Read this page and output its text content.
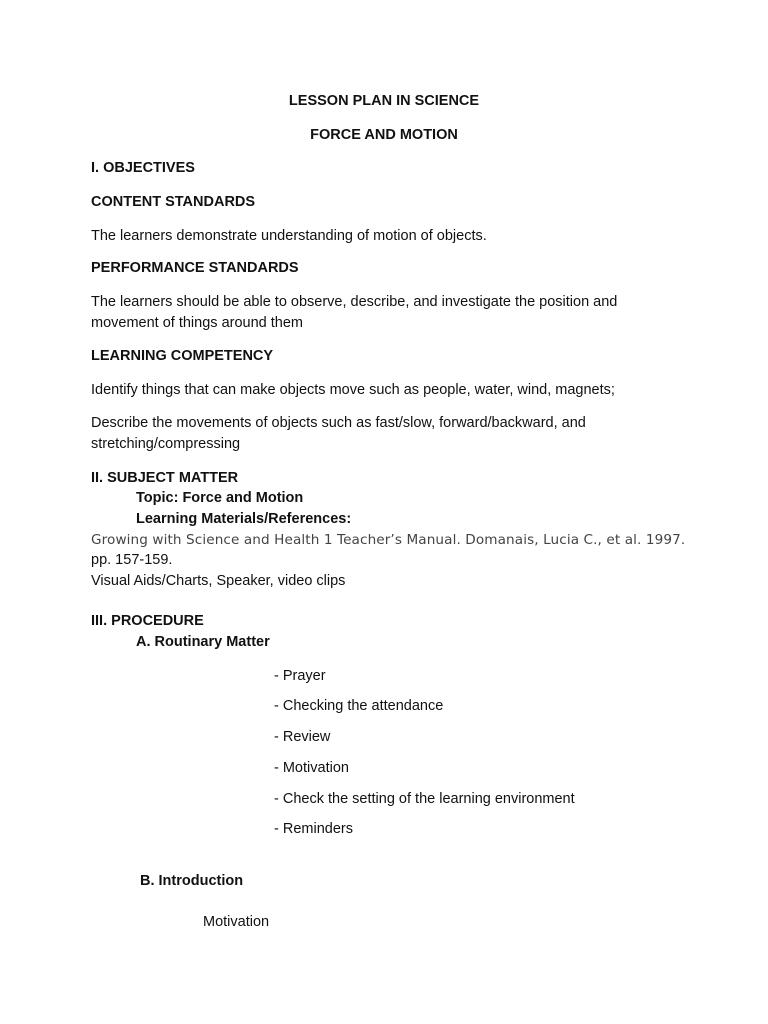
LESSON PLAN IN SCIENCE
FORCE AND MOTION
I. OBJECTIVES
CONTENT STANDARDS
The learners demonstrate understanding of motion of objects.
PERFORMANCE STANDARDS
The learners should be able to observe, describe, and investigate the position and
movement of things around them
LEARNING COMPETENCY
Identify things that can make objects move such as people, water, wind, magnets;
Describe the movements of objects such as fast/slow, forward/backward, and
stretching/compressing
II. SUBJECT MATTER
Topic: Force and Motion
Learning Materials/References:
Growing with Science and Health 1 Teacher’s Manual. Domanais, Lucia C., et al. 1997.
pp. 157-159.
Visual Aids/Charts, Speaker, video clips
III. PROCEDURE
A. Routinary Matter
- Prayer
- Checking the attendance
- Review
- Motivation
- Check the setting of the learning environment
- Reminders
B. Introduction
Motivation
